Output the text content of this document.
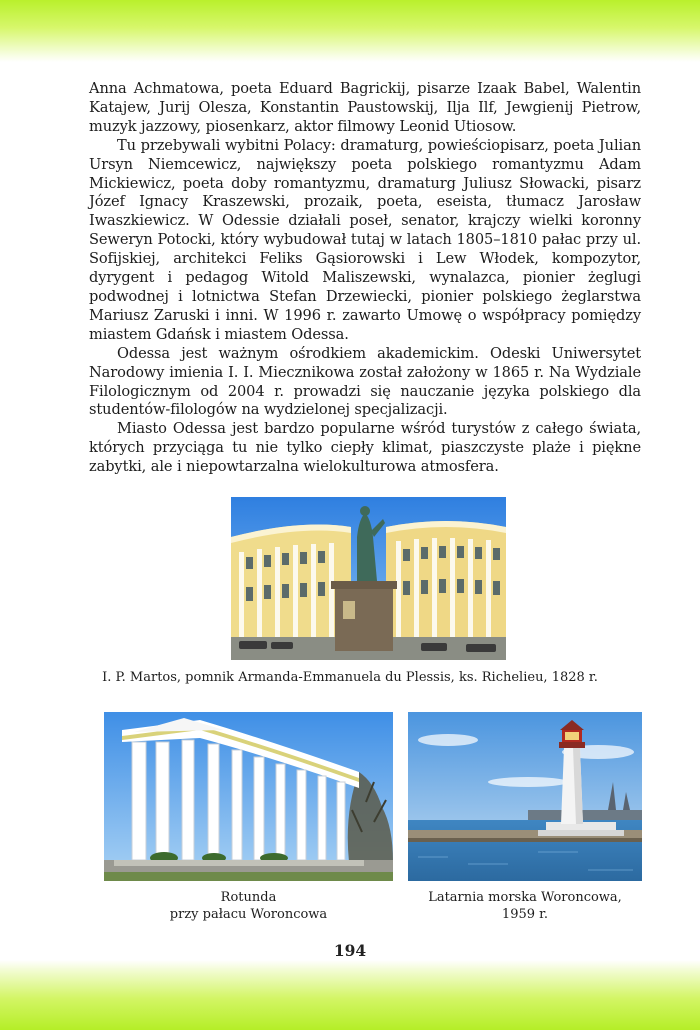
Anna Achmatowa, poeta Eduard Bagrickij, pisarze Izaak Babel, Walentin Katajew, Jurij Olesza, Konstantin Paustowskij, Ilja Ilf, Jewgienij Pietrow, muzyk jazzowy, piosenkarz, aktor filmowy Leonid Utiosow.

Tu przebywali wybitni Polacy: dramaturg, powieściopisarz, poeta Julian Ursyn Niemcewicz, największy poeta polskiego romantyzmu Adam Mickiewicz, poeta doby romantyzmu, dramaturg Juliusz Słowacki, pisarz Józef Ignacy Kraszewski, prozaik, poeta, eseista, tłumacz Jarosław Iwaszkiewicz. W Odessie działali poseł, senator, krajczy wielki koronny Seweryn Potocki, który wybudował tutaj w latach 1805–1810 pałac przy ul. Sofijskiej, architekci Feliks Gąsiorowski i Lew Włodek, kompozytor, dyrygent i pedagog Witold Maliszewski, wynalazca, pionier żeglugi podwodnej i lotnictwa Stefan Drzewiecki, pionier polskiego żeglarstwa Mariusz Zaruski i inni. W 1996 r. zawarto Umowę o współpracy pomiędzy miastem Gdańsk i miastem Odessa.

Odessa jest ważnym ośrodkiem akademickim. Odeski Uniwersytet Narodowy imienia I. I. Miecznikowa został założony w 1865 r. Na Wydziale Filologicznym od 2004 r. prowadzi się nauczanie języka polskiego dla studentów-filologów na wydzielonej specjalizacji.

Miasto Odessa jest bardzo popularne wśród turystów z całego świata, których przyciąga tu nie tylko ciepły klimat, piaszczyste plaże i piękne zabytki, ale i niepowtarzalna wielokulturowa atmosfera.

I. P. Martos, pomnik Armanda-Emmanuela du Plessis, ks. Richelieu, 1828 r.
Rotunda
przy pałacu Woroncowa
Latarnia morska Woroncowa,
1959 r.
194
